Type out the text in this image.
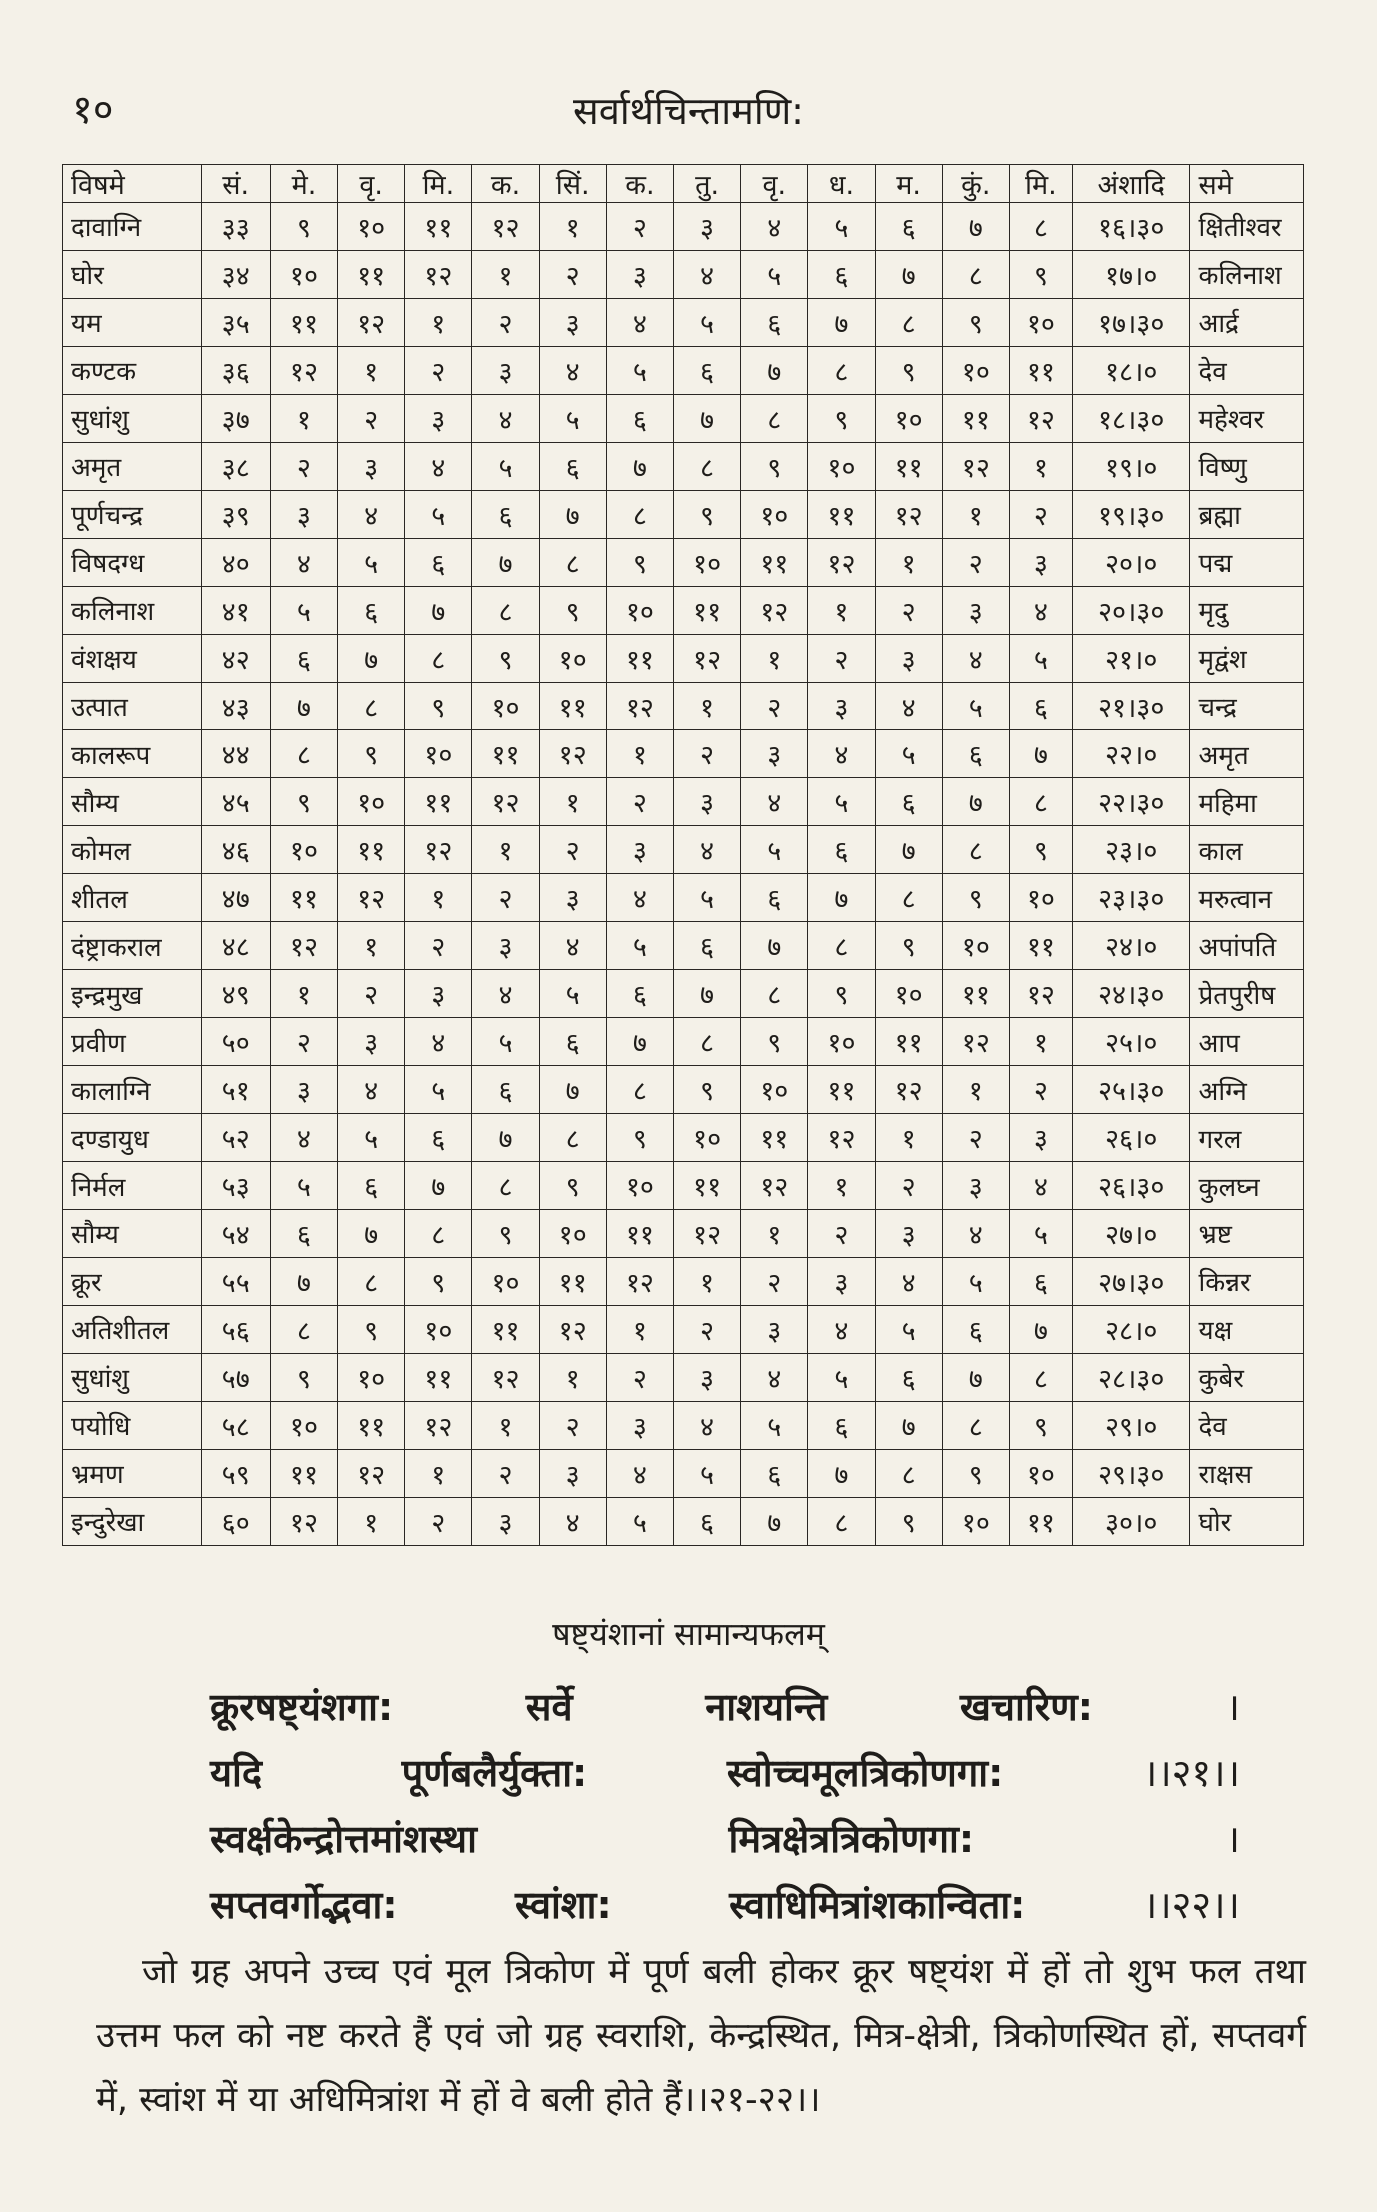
१०	सर्वार्थचिन्तामणि:
विषमे	सं.	मे.	वृ.	मि.	क.	सिं.	क.	तु.	वृ.	ध.	म.	कुं.	मि.	अंशादि	समे
दावाग्नि	३३	९	१०	११	१२	१	२	३	४	५	६	७	८	१६।३०	क्षितीश्वर
घोर	३४	१०	११	१२	१	२	३	४	५	६	७	८	९	१७।०	कलिनाश
यम	३५	११	१२	१	२	३	४	५	६	७	८	९	१०	१७।३०	आर्द्र
कण्टक	३६	१२	१	२	३	४	५	६	७	८	९	१०	११	१८।०	देव
सुधांशु	३७	१	२	३	४	५	६	७	८	९	१०	११	१२	१८।३०	महेश्वर
अमृत	३८	२	३	४	५	६	७	८	९	१०	११	१२	१	१९।०	विष्णु
पूर्णचन्द्र	३९	३	४	५	६	७	८	९	१०	११	१२	१	२	१९।३०	ब्रह्मा
विषदग्ध	४०	४	५	६	७	८	९	१०	११	१२	१	२	३	२०।०	पद्म
कलिनाश	४१	५	६	७	८	९	१०	११	१२	१	२	३	४	२०।३०	मृदु
वंशक्षय	४२	६	७	८	९	१०	११	१२	१	२	३	४	५	२१।०	मृद्वंश
उत्पात	४३	७	८	९	१०	११	१२	१	२	३	४	५	६	२१।३०	चन्द्र
कालरूप	४४	८	९	१०	११	१२	१	२	३	४	५	६	७	२२।०	अमृत
सौम्य	४५	९	१०	११	१२	१	२	३	४	५	६	७	८	२२।३०	महिमा
कोमल	४६	१०	११	१२	१	२	३	४	५	६	७	८	९	२३।०	काल
शीतल	४७	११	१२	१	२	३	४	५	६	७	८	९	१०	२३।३०	मरुत्वान
दंष्ट्राकराल	४८	१२	१	२	३	४	५	६	७	८	९	१०	११	२४।०	अपांपति
इन्द्रमुख	४९	१	२	३	४	५	६	७	८	९	१०	११	१२	२४।३०	प्रेतपुरीष
प्रवीण	५०	२	३	४	५	६	७	८	९	१०	११	१२	१	२५।०	आप
कालाग्नि	५१	३	४	५	६	७	८	९	१०	११	१२	१	२	२५।३०	अग्नि
दण्डायुध	५२	४	५	६	७	८	९	१०	११	१२	१	२	३	२६।०	गरल
निर्मल	५३	५	६	७	८	९	१०	११	१२	१	२	३	४	२६।३०	कुलघ्न
सौम्य	५४	६	७	८	९	१०	११	१२	१	२	३	४	५	२७।०	भ्रष्ट
क्रूर	५५	७	८	९	१०	११	१२	१	२	३	४	५	६	२७।३०	किन्नर
अतिशीतल	५६	८	९	१०	११	१२	१	२	३	४	५	६	७	२८।०	यक्ष
सुधांशु	५७	९	१०	११	१२	१	२	३	४	५	६	७	८	२८।३०	कुबेर
पयोधि	५८	१०	११	१२	१	२	३	४	५	६	७	८	९	२९।०	देव
भ्रमण	५९	११	१२	१	२	३	४	५	६	७	८	९	१०	२९।३०	राक्षस
इन्दुरेखा	६०	१२	१	२	३	४	५	६	७	८	९	१०	११	३०।०	घोर
षष्ट्यंशानां सामान्यफलम्
क्रूरषष्ट्यंशगा:	सर्वे	नाशयन्ति	खचारिण:	।
यदि	पूर्णबलैर्युक्ता:	स्वोच्चमूलत्रिकोणगा:	।।२१।।
स्वर्क्षकेन्द्रोत्तमांशस्था	मित्रक्षेत्रत्रिकोणगा:	।
सप्तवर्गोद्भवा:	स्वांशा:	स्वाधिमित्रांशकान्विता:	।।२२।।
जो ग्रह अपने उच्च एवं मूल त्रिकोण में पूर्ण बली होकर क्रूर षष्ट्यंश में हों तो शुभ फल तथा उत्तम फल को नष्ट करते हैं एवं जो ग्रह स्वराशि, केन्द्रस्थित, मित्र-क्षेत्री, त्रिकोणस्थित हों, सप्तवर्ग में, स्वांश में या अधिमित्रांश में हों वे बली होते हैं।।२१-२२।।
